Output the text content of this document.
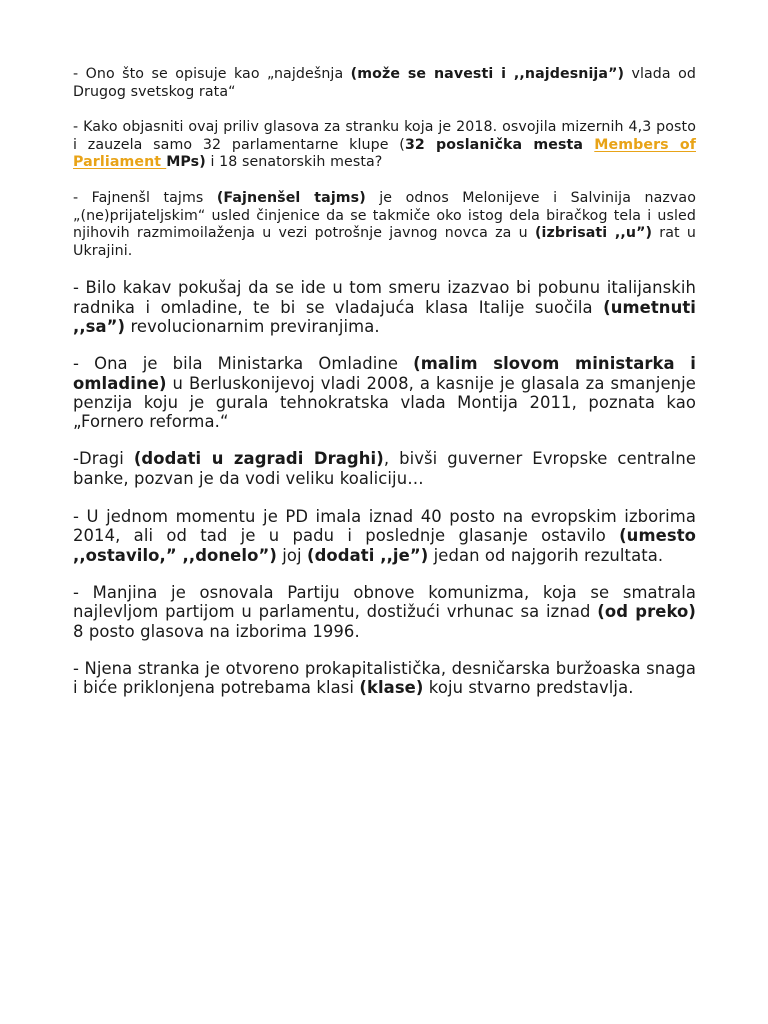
- Ono što se opisuje kao „najdešnja (može se navesti i ,,najdesnija”) vlada od Drugog svetskog rata“

- Kako objasniti ovaj priliv glasova za stranku koja je 2018. osvojila mizernih 4,3 posto i zauzela samo 32 parlamentarne klupe (32 poslanička mesta Members of Parliament MPs) i 18 senatorskih mesta?

- Fajnenšl tajms (Fajnenšel tajms) je odnos Melonijeve i Salvinija nazvao „(ne)prijateljskim“ usled činjenice da se takmiče oko istog dela biračkog tela i usled njihovih razmimoilaženja u vezi potrošnje javnog novca za u (izbrisati ,,u”) rat u Ukrajini.

- Bilo kakav pokušaj da se ide u tom smeru izazvao bi pobunu italijanskih radnika i omladine, te bi se vladajuća klasa Italije suočila (umetnuti ,,sa”) revolucionarnim previranjima.

- Ona je bila Ministarka Omladine (malim slovom ministarka i omladine) u Berluskonijevoj vladi 2008, a kasnije je glasala za smanjenje penzija koju je gurala tehnokratska vlada Montija 2011, poznata kao „Fornero reforma.“

-Dragi (dodati u zagradi Draghi), bivši guverner Evropske centralne banke, pozvan je da vodi veliku koaliciju…

- U jednom momentu je PD imala iznad 40 posto na evropskim izborima 2014, ali od tad je u padu i poslednje glasanje ostavilo (umesto ,,ostavilo,” ,,donelo”) joj (dodati ,,je”) jedan od najgorih rezultata.

- Manjina je osnovala Partiju obnove komunizma, koja se smatrala najlevljom partijom u parlamentu, dostižući vrhunac sa iznad (od preko) 8 posto glasova na izborima 1996.

- Njena stranka je otvoreno prokapitalistička, desničarska buržoaska snaga i biće priklonjena potrebama klasi (klase) koju stvarno predstavlja.
